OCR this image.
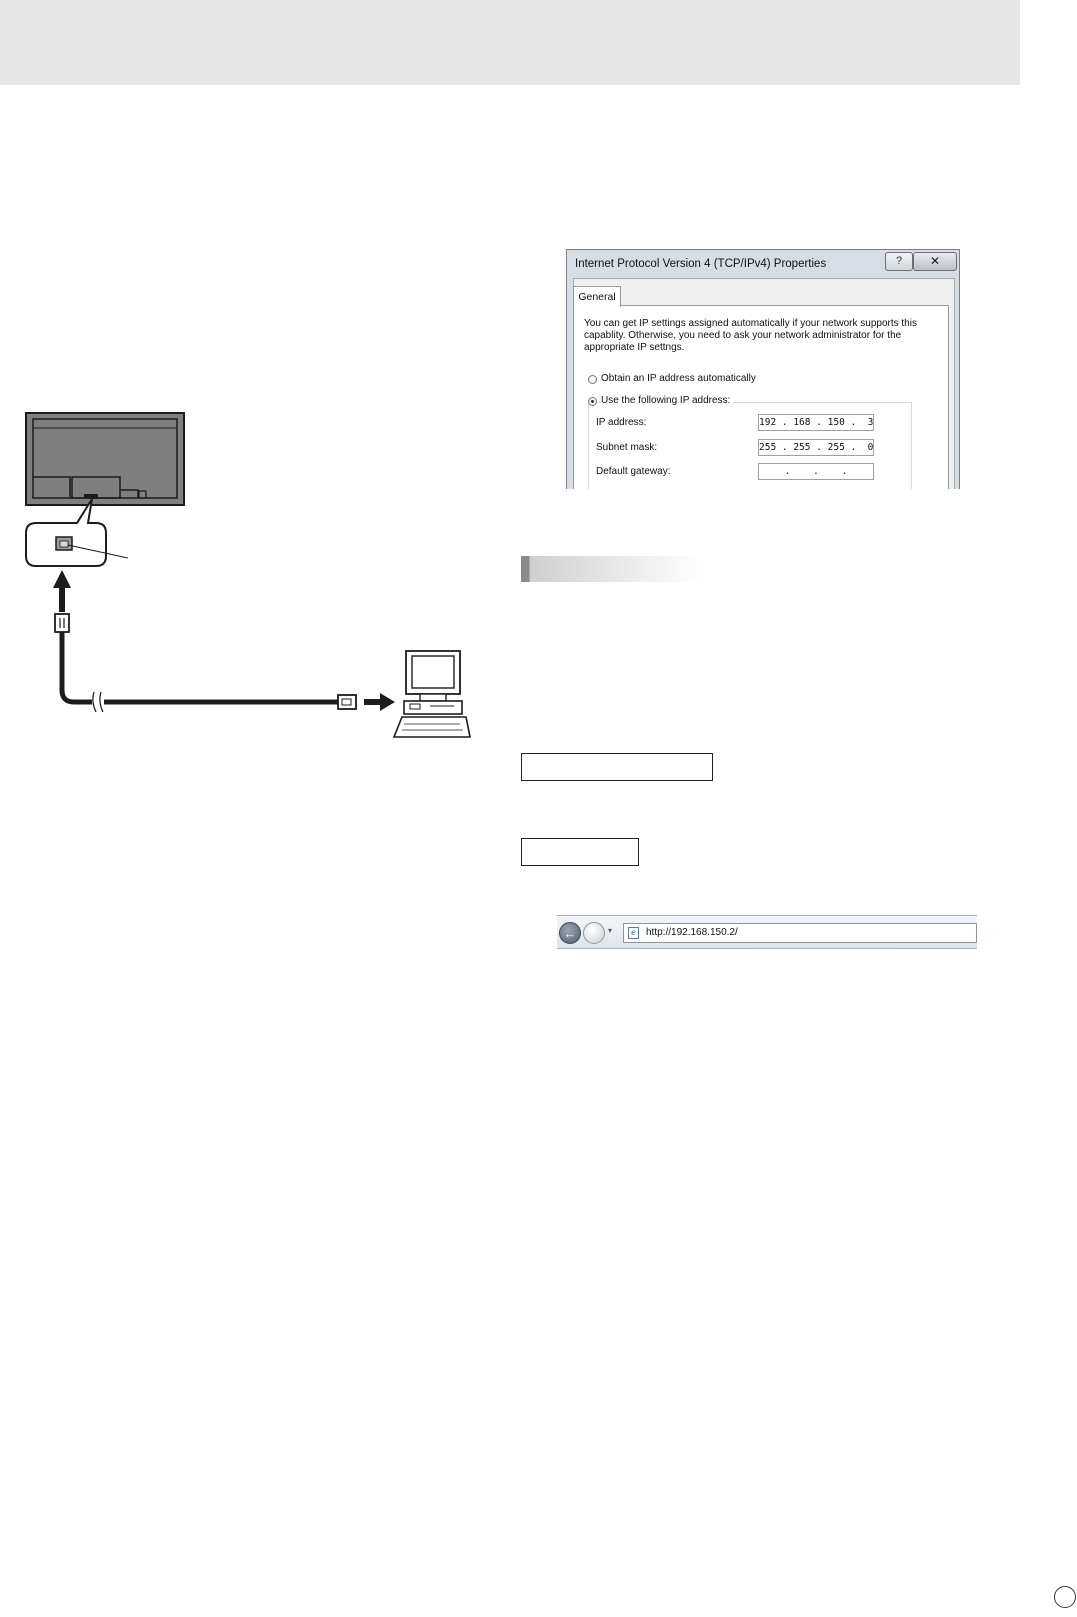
Internet Protocol Version 4 (TCP/IPv4) Properties	?	✕
General
You can get IP settings assigned automatically if your network supports this capablity. Otherwise, you need to ask your network administrator for the appropriate IP settngs.
Obtain an IP address automatically
Use the following IP address:
IP address:	192 . 168 . 150 .  3
Subnet mask:	255 . 255 . 255 .  0
Default gateway:	.    .    .
←	▾	e	http://192.168.150.2/
